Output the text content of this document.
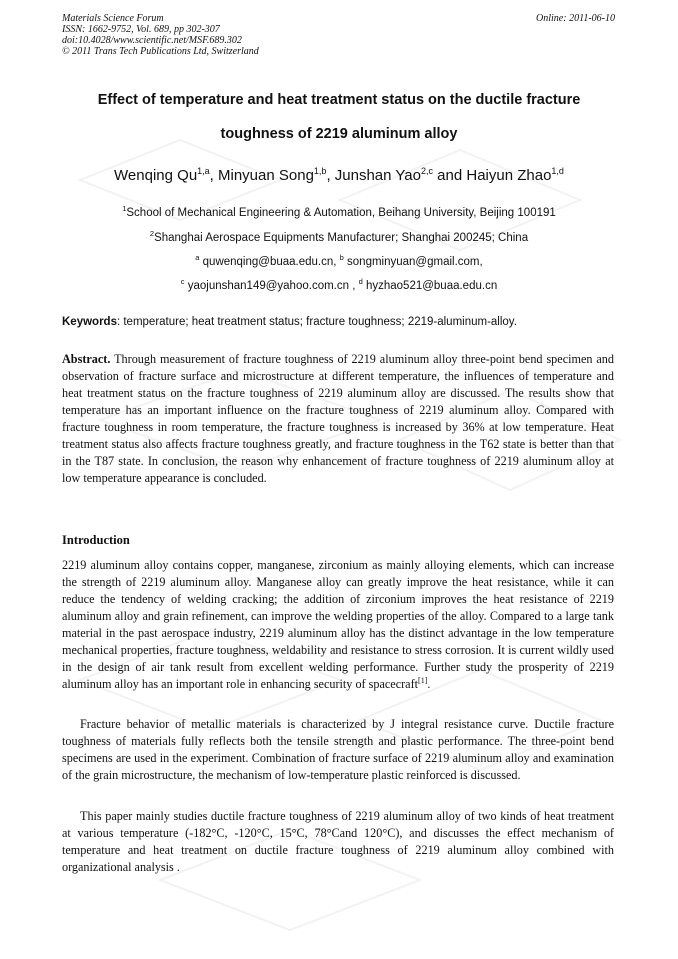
Materials Science Forum
ISSN: 1662-9752, Vol. 689, pp 302-307
doi:10.4028/www.scientific.net/MSF.689.302
© 2011 Trans Tech Publications Ltd, Switzerland
Online: 2011-06-10
Effect of temperature and heat treatment status on the ductile fracture
toughness of 2219 aluminum alloy
Wenqing Qu$^{1,a}$, Minyuan Song$^{1,b}$, Junshan Yao$^{2,c}$ and Haiyun Zhao$^{1,d}$
$^1$School of Mechanical Engineering & Automation, Beihang University, Beijing 100191
$^2$Shanghai Aerospace Equipments Manufacturer; Shanghai 200245; China
$^a$ quwenqing@buaa.edu.cn, $^b$ songminyuan@gmail.com,
$^c$ yaojunshan149@yahoo.com.cn , $^d$ hyzhao521@buaa.edu.cn
Keywords: temperature; heat treatment status; fracture toughness; 2219-aluminum-alloy.
Abstract. Through measurement of fracture toughness of 2219 aluminum alloy three-point bend specimen and observation of fracture surface and microstructure at different temperature, the influences of temperature and heat treatment status on the fracture toughness of 2219 aluminum alloy are discussed. The results show that temperature has an important influence on the fracture toughness of 2219 aluminum alloy. Compared with fracture toughness in room temperature, the fracture toughness is increased by 36% at low temperature. Heat treatment status also affects fracture toughness greatly, and fracture toughness in the T62 state is better than that in the T87 state. In conclusion, the reason why enhancement of fracture toughness of 2219 aluminum alloy at low temperature appearance is concluded.
Introduction
2219 aluminum alloy contains copper, manganese, zirconium as mainly alloying elements, which can increase the strength of 2219 aluminum alloy. Manganese alloy can greatly improve the heat resistance, while it can reduce the tendency of welding cracking; the addition of zirconium improves the heat resistance of 2219 aluminum alloy and grain refinement, can improve the welding properties of the alloy. Compared to a large tank material in the past aerospace industry, 2219 aluminum alloy has the distinct advantage in the low temperature mechanical properties, fracture toughness, weldability and resistance to stress corrosion. It is current wildly used in the design of air tank result from excellent welding performance. Further study the prosperity of 2219 aluminum alloy has an important role in enhancing security of spacecraft[1].
Fracture behavior of metallic materials is characterized by J integral resistance curve. Ductile fracture toughness of materials fully reflects both the tensile strength and plastic performance. The three-point bend specimens are used in the experiment. Combination of fracture surface of 2219 aluminum alloy and examination of the grain microstructure, the mechanism of low-temperature plastic reinforced is discussed.
This paper mainly studies ductile fracture toughness of 2219 aluminum alloy of two kinds of heat treatment at various temperature (-182°C, -120°C, 15°C, 78°Cand 120°C), and discusses the effect mechanism of temperature and heat treatment on ductile fracture toughness of 2219 aluminum alloy combined with organizational analysis .
